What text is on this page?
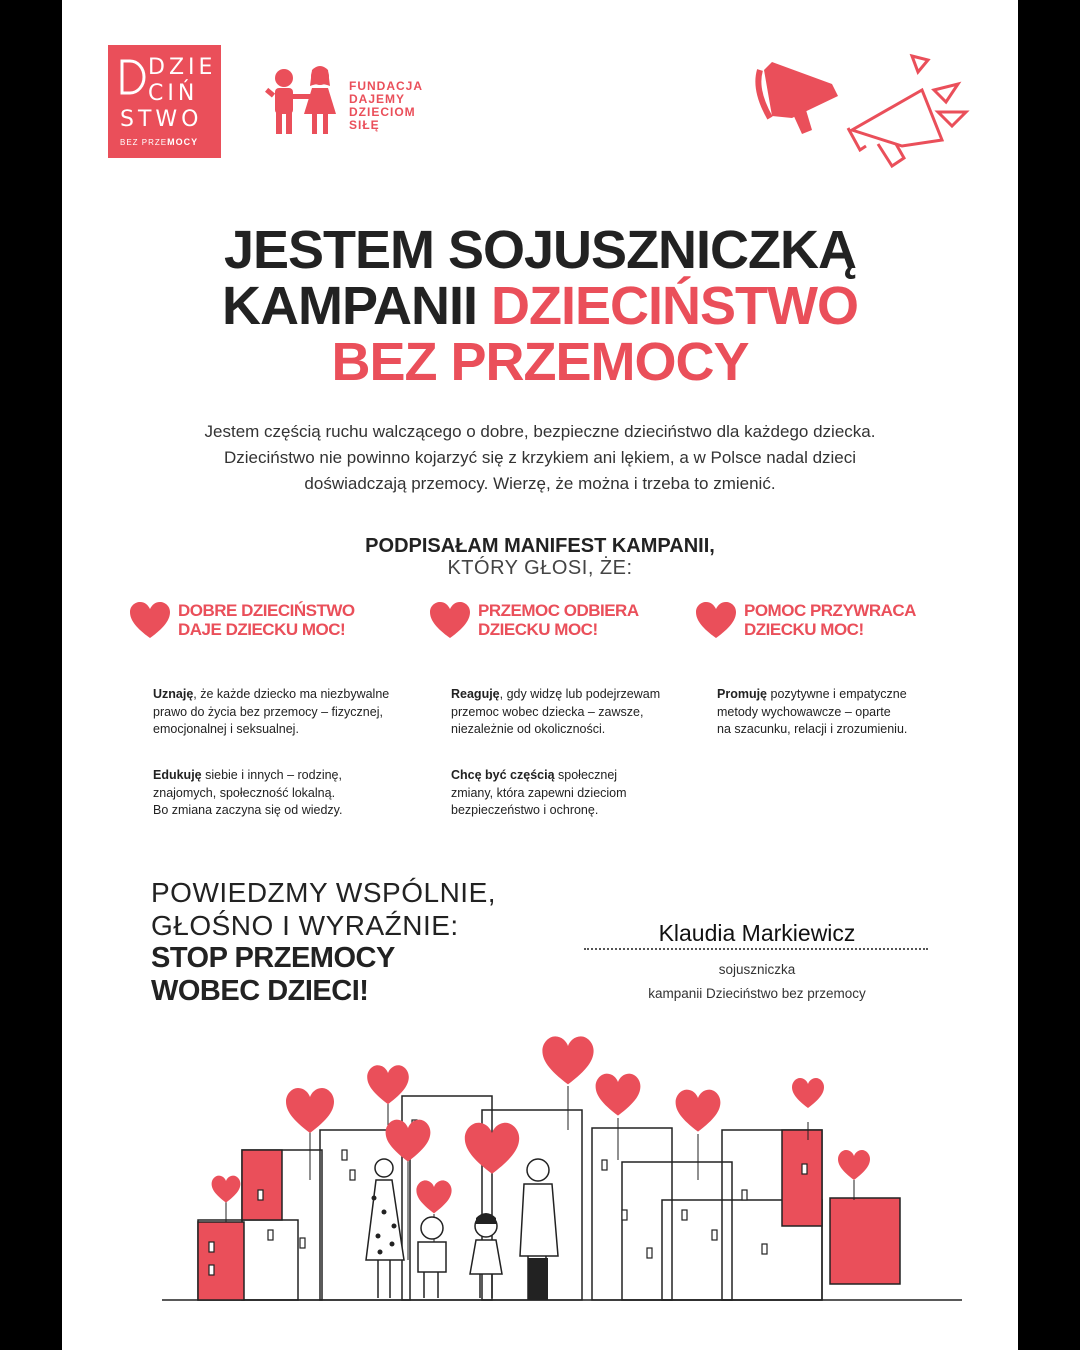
DZIE
CIŃ
STWO
BEZ PRZEMOCY
FUNDACJA
DAJEMY
DZIECIOM
SIŁĘ
JESTEM SOJUSZNICZKĄ
KAMPANII DZIECIŃSTWO
BEZ PRZEMOCY
Jestem częścią ruchu walczącego o dobre, bezpieczne dzieciństwo dla każdego dziecka.
Dzieciństwo nie powinno kojarzyć się z krzykiem ani lękiem, a w Polsce nadal dzieci
doświadczają przemocy. Wierzę, że można i trzeba to zmienić.
PODPISAŁAM MANIFEST KAMPANII,
KTÓRY GŁOSI, ŻE:
DOBRE DZIECIŃSTWO
DAJE DZIECKU MOC!
PRZEMOC ODBIERA
DZIECKU MOC!
POMOC PRZYWRACA
DZIECKU MOC!
Uznaję, że każde dziecko ma niezbywalne
prawo do życia bez przemocy – fizycznej,
emocjonalnej i seksualnej.
Reaguję, gdy widzę lub podejrzewam
przemoc wobec dziecka – zawsze,
niezależnie od okoliczności.
Promuję pozytywne i empatyczne
metody wychowawcze – oparte
na szacunku, relacji i zrozumieniu.
Edukuję siebie i innych – rodzinę,
znajomych, społeczność lokalną.
Bo zmiana zaczyna się od wiedzy.
Chcę być częścią społecznej
zmiany, która zapewni dzieciom
bezpieczeństwo i ochronę.
POWIEDZMY WSPÓLNIE,
GŁOŚNO I WYRAŹNIE:
STOP PRZEMOCY
WOBEC DZIECI!
Klaudia Markiewicz
sojuszniczka
kampanii Dzieciństwo bez przemocy
